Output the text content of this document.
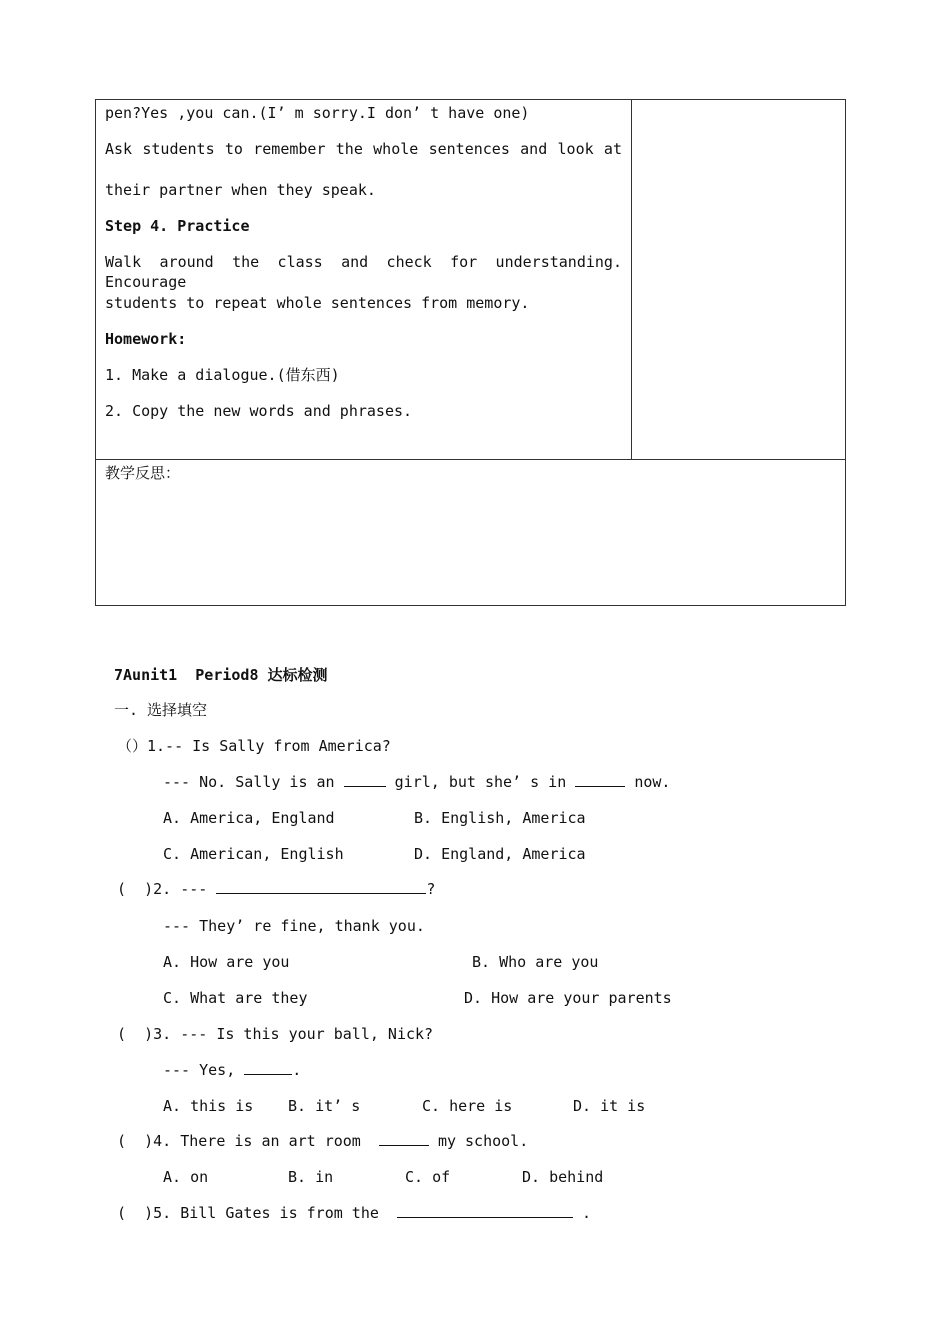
pen?Yes ,you can.(I’ m sorry.I don’ t have one)
Ask students to remember the whole sentences and look at
their partner when they speak.
Step 4. Practice
Walk around the class and check for understanding. Encourage
students to repeat whole sentences from memory.
Homework:
1. Make a dialogue.(借东西)
2. Copy the new words and phrases.
教学反思：
7Aunit1  Period8 达标检测
一. 选择填空
（）1.-- Is Sally from America?
--- No. Sally is an	girl, but she’ s in	now.
A. America, England	B. English, America
C. American, English	D. England, America
(  )2. ---	?
--- They’ re fine, thank you.
A. How are you	B. Who are you
C. What are they	D. How are your parents
(  )3. --- Is this your ball, Nick?
--- Yes,	.
A. this is B. it’ s	C. here is	D. it is
(  )4. There is an art room	my school.
A. on	B. in	C. of	D. behind
(  )5. Bill Gates is from the	.
